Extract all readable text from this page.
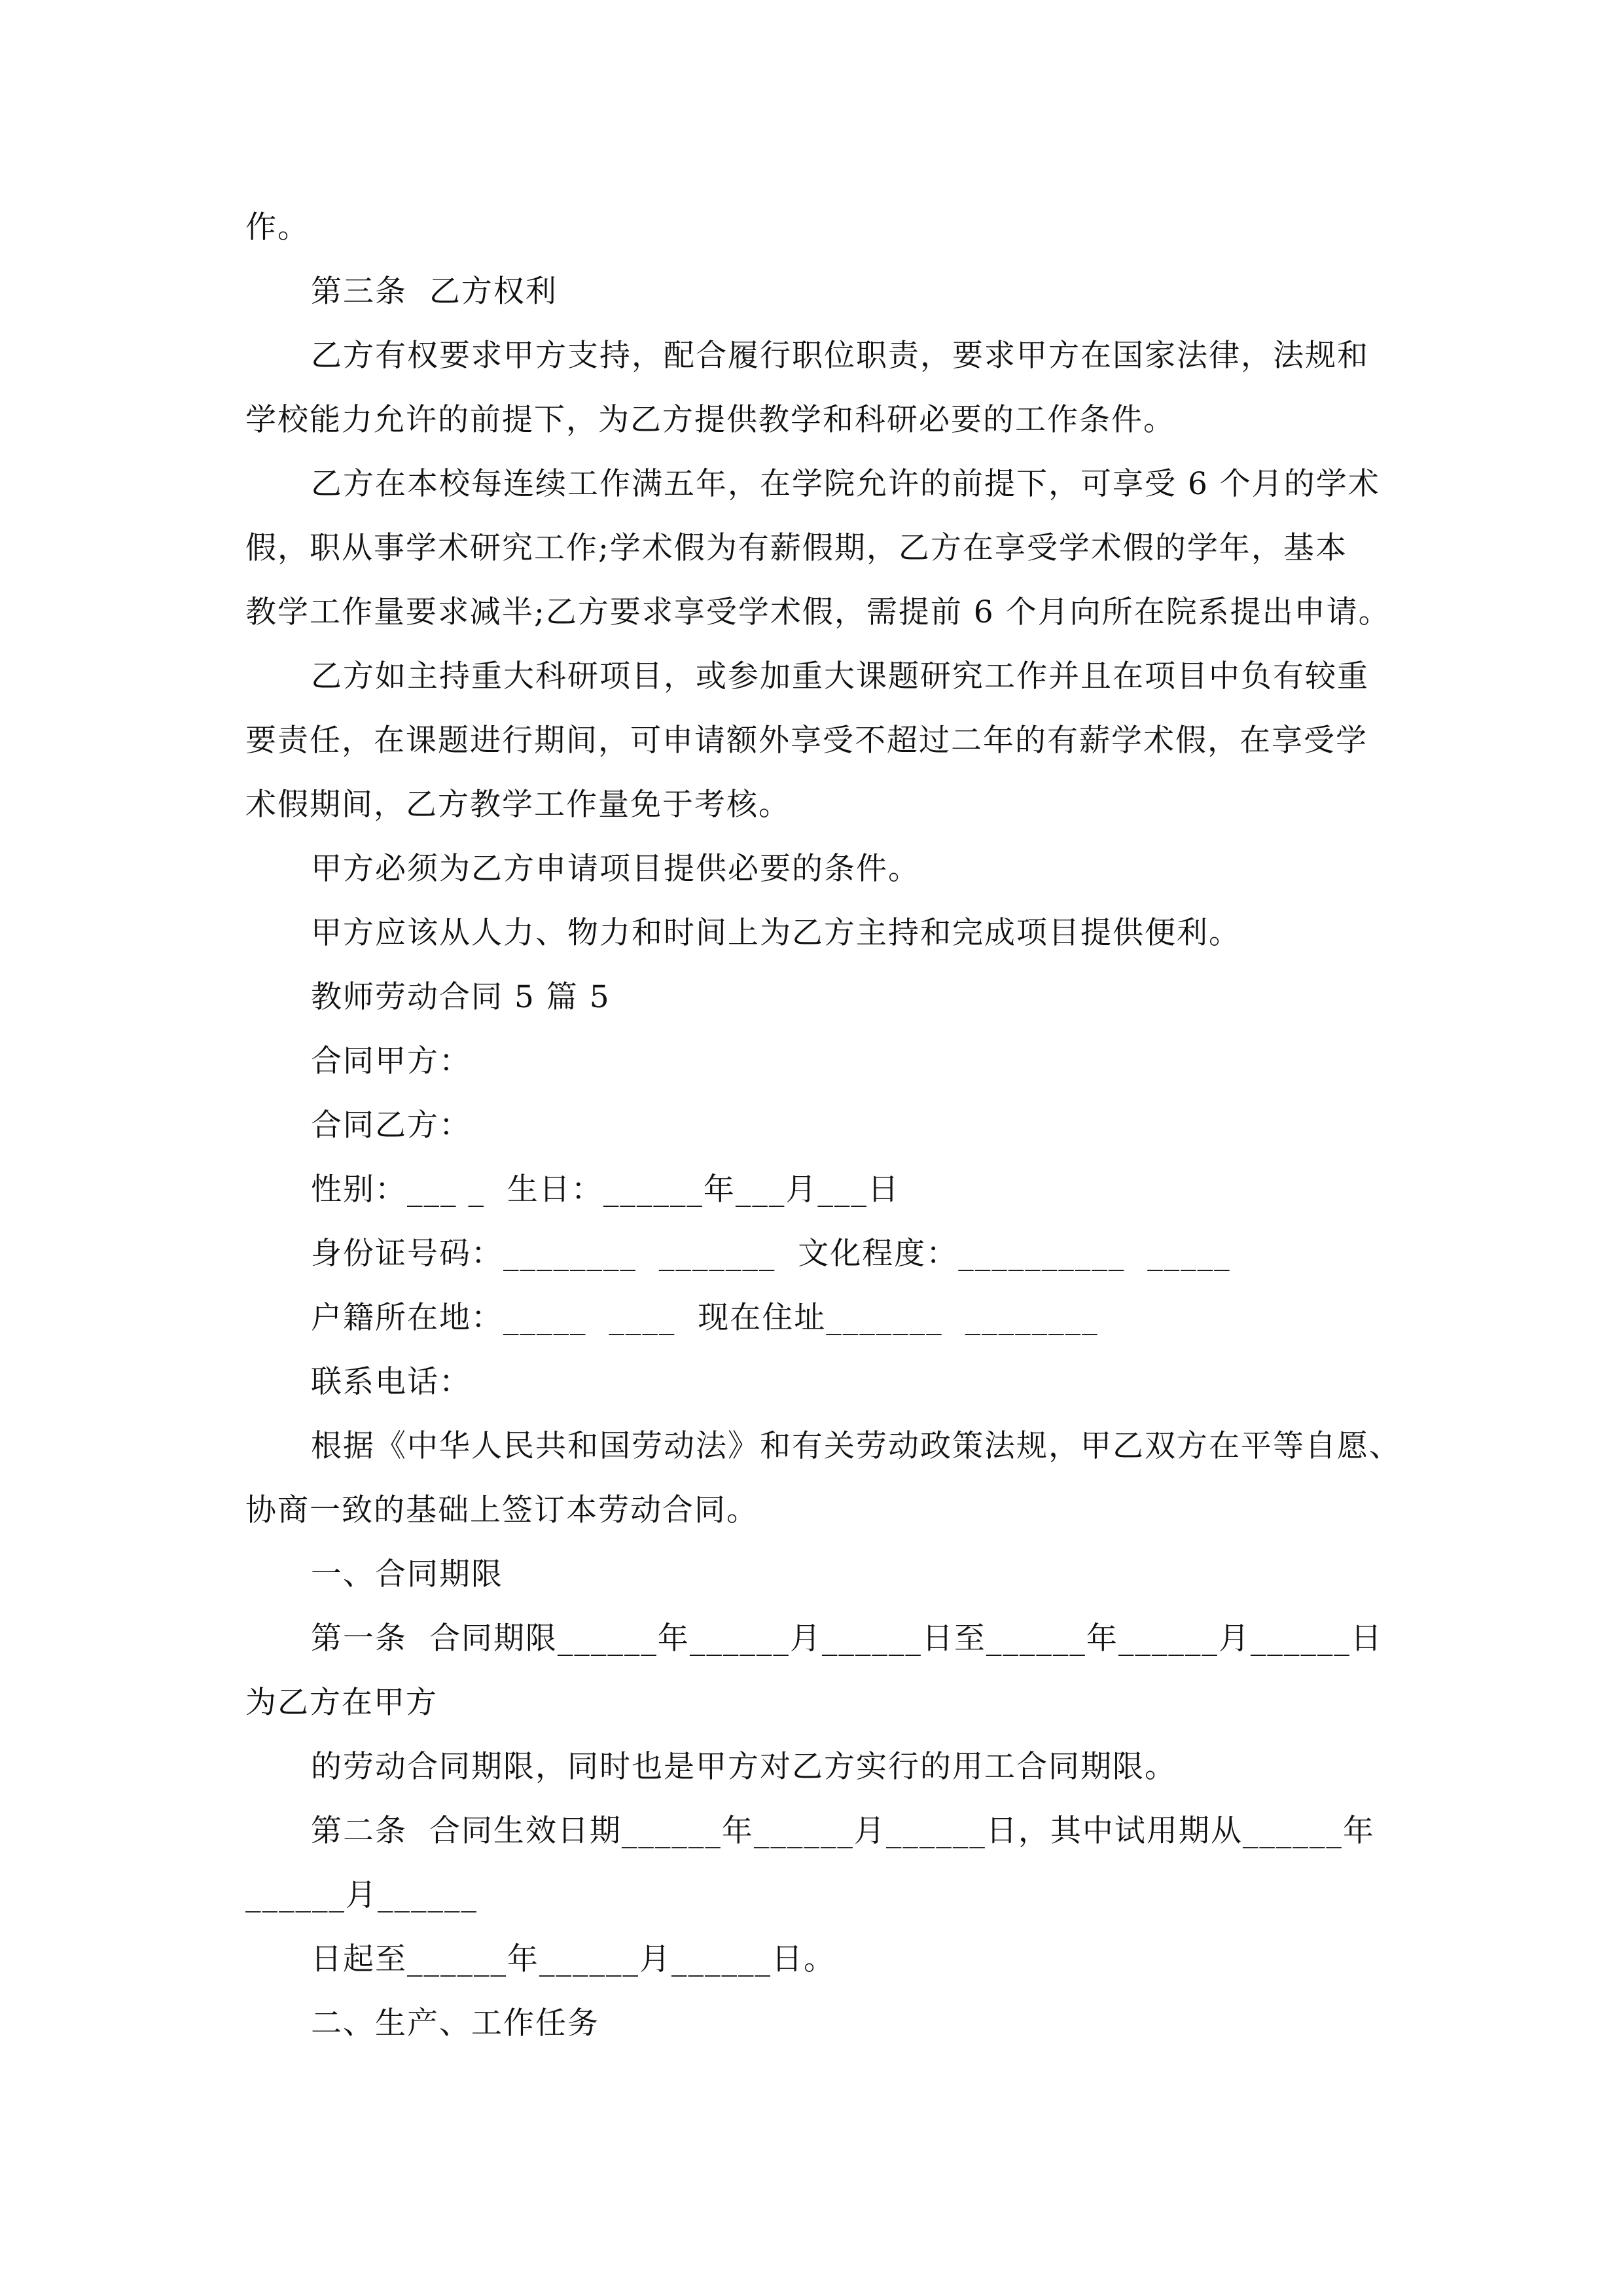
作。
第三条  乙方权利
乙方有权要求甲方支持，配合履行职位职责，要求甲方在国家法律，法规和
学校能力允许的前提下，为乙方提供教学和科研必要的工作条件。
乙方在本校每连续工作满五年，在学院允许的前提下，可享受 6 个月的学术
假，职从事学术研究工作;学术假为有薪假期，乙方在享受学术假的学年，基本
教学工作量要求减半;乙方要求享受学术假，需提前 6 个月向所在院系提出申请。
乙方如主持重大科研项目，或参加重大课题研究工作并且在项目中负有较重
要责任，在课题进行期间，可申请额外享受不超过二年的有薪学术假，在享受学
术假期间，乙方教学工作量免于考核。
甲方必须为乙方申请项目提供必要的条件。
甲方应该从人力、物力和时间上为乙方主持和完成项目提供便利。
教师劳动合同 5 篇 5
合同甲方：
合同乙方：
性别：___ _  生日：______年___月___日
身份证号码：________  _______  文化程度：__________  _____
户籍所在地：_____  ____  现在住址_______  ________
联系电话：
根据《中华人民共和国劳动法》和有关劳动政策法规，甲乙双方在平等自愿、
协商一致的基础上签订本劳动合同。
一、合同期限
第一条  合同期限______年______月______日至______年______月______日
为乙方在甲方
的劳动合同期限，同时也是甲方对乙方实行的用工合同期限。
第二条  合同生效日期______年______月______日，其中试用期从______年
______月______
日起至______年______月______日。
二、生产、工作任务
